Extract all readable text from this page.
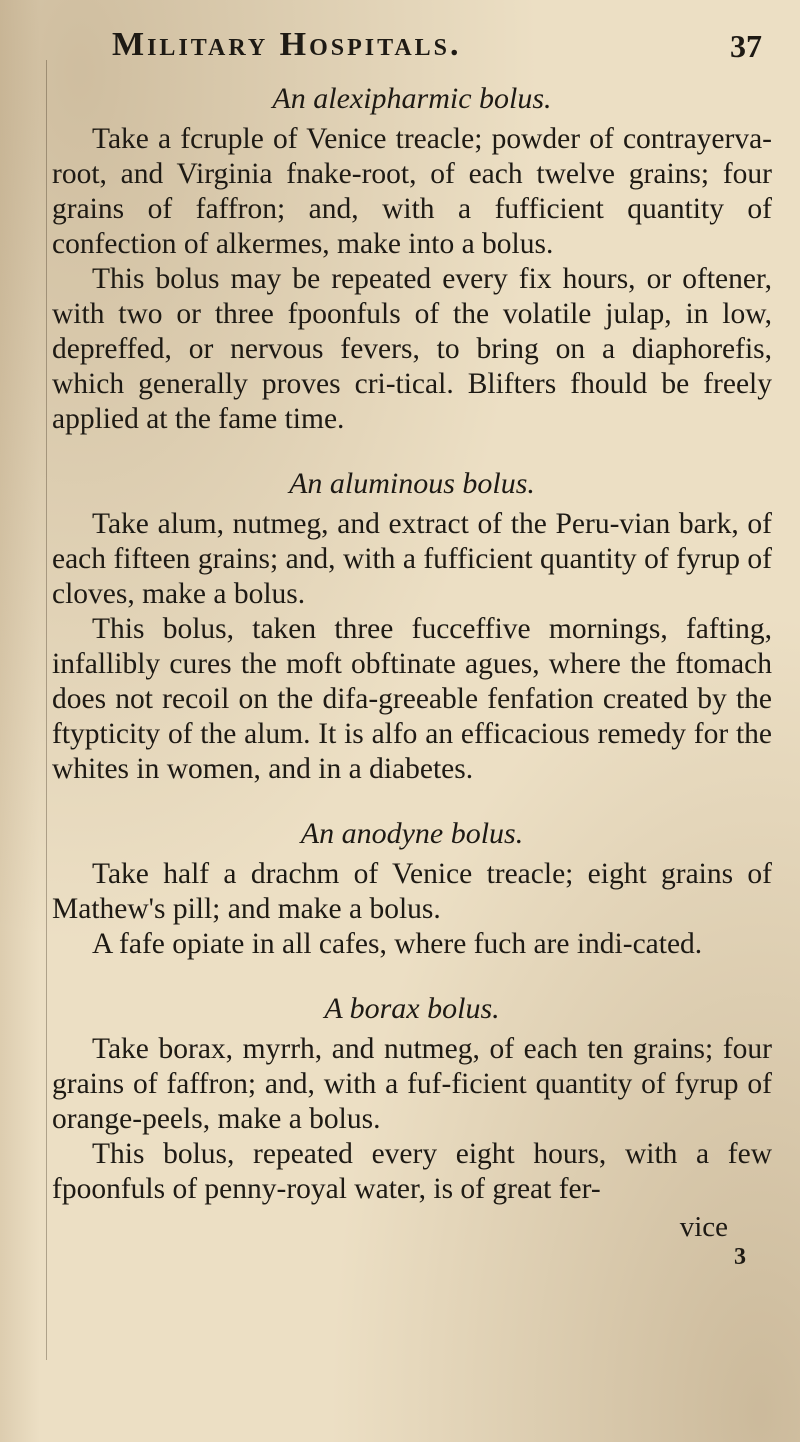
Military Hospitals.	37
An alexipharmic bolus.

Take a fcruple of Venice treacle; powder of contrayerva-root, and Virginia fnake-root, of each twelve grains; four grains of faffron; and, with a fufficient quantity of confection of alkermes, make into a bolus.

This bolus may be repeated every fix hours, or oftener, with two or three fpoonfuls of the volatile julap, in low, depreffed, or nervous fevers, to bring on a diaphorefis, which generally proves cri-tical. Blifters fhould be freely applied at the fame time.

An aluminous bolus.

Take alum, nutmeg, and extract of the Peru-vian bark, of each fifteen grains; and, with a fufficient quantity of fyrup of cloves, make a bolus.

This bolus, taken three fucceffive mornings, fafting, infallibly cures the moft obftinate agues, where the ftomach does not recoil on the difa-greeable fenfation created by the ftypticity of the alum. It is alfo an efficacious remedy for the whites in women, and in a diabetes.

An anodyne bolus.

Take half a drachm of Venice treacle; eight grains of Mathew's pill; and make a bolus.

A fafe opiate in all cafes, where fuch are indi-cated.

A borax bolus.

Take borax, myrrh, and nutmeg, of each ten grains; four grains of faffron; and, with a fuf-ficient quantity of fyrup of orange-peels, make a bolus.

This bolus, repeated every eight hours, with a few fpoonfuls of penny-royal water, is of great fer-

vice
3
